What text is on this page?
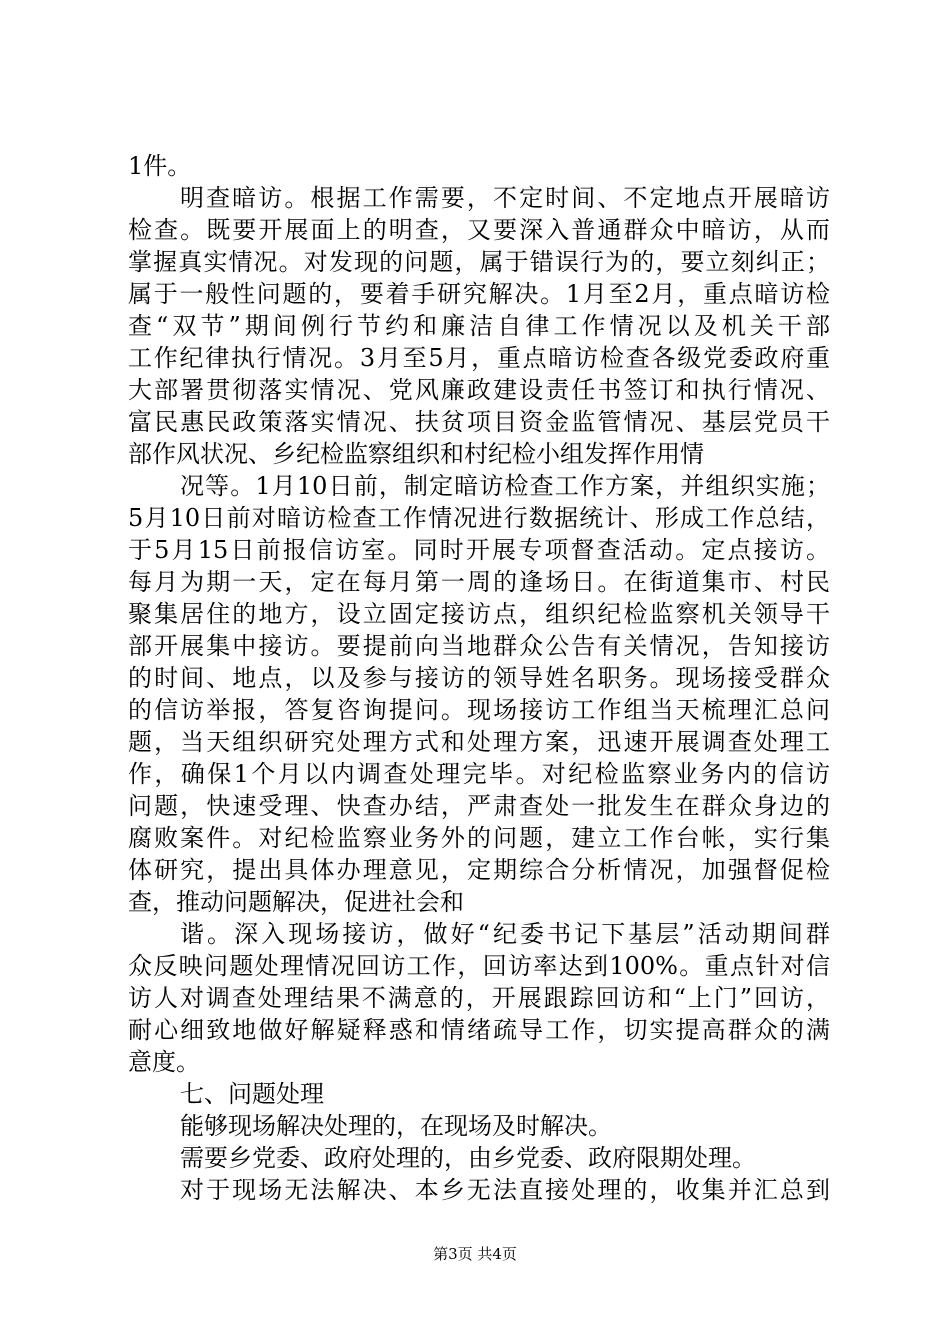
1件。
明查暗访。根据工作需要，不定时间、不定地点开展暗访
检查。既要开展面上的明查，又要深入普通群众中暗访，从而
掌握真实情况。对发现的问题，属于错误行为的，要立刻纠正；
属于一般性问题的，要着手研究解决。1月至2月，重点暗访检
查“双节”期间例行节约和廉洁自律工作情况以及机关干部
工作纪律执行情况。3月至5月，重点暗访检查各级党委政府重
大部署贯彻落实情况、党风廉政建设责任书签订和执行情况、
富民惠民政策落实情况、扶贫项目资金监管情况、基层党员干
部作风状况、乡纪检监察组织和村纪检小组发挥作用情
况等。1月10日前，制定暗访检查工作方案，并组织实施；
5月10日前对暗访检查工作情况进行数据统计、形成工作总结，
于5月15日前报信访室。同时开展专项督查活动。定点接访。
每月为期一天，定在每月第一周的逢场日。在街道集市、村民
聚集居住的地方，设立固定接访点，组织纪检监察机关领导干
部开展集中接访。要提前向当地群众公告有关情况，告知接访
的时间、地点，以及参与接访的领导姓名职务。现场接受群众
的信访举报，答复咨询提问。现场接访工作组当天梳理汇总问
题，当天组织研究处理方式和处理方案，迅速开展调查处理工
作，确保1个月以内调查处理完毕。对纪检监察业务内的信访
问题，快速受理、快查办结，严肃查处一批发生在群众身边的
腐败案件。对纪检监察业务外的问题，建立工作台帐，实行集
体研究，提出具体办理意见，定期综合分析情况，加强督促检
查，推动问题解决，促进社会和
谐。深入现场接访，做好“纪委书记下基层”活动期间群
众反映问题处理情况回访工作，回访率达到100%。重点针对信
访人对调查处理结果不满意的，开展跟踪回访和“上门”回访，
耐心细致地做好解疑释惑和情绪疏导工作，切实提高群众的满
意度。
七、问题处理
能够现场解决处理的，在现场及时解决。
需要乡党委、政府处理的，由乡党委、政府限期处理。
对于现场无法解决、本乡无法直接处理的，收集并汇总到
第3页 共4页
